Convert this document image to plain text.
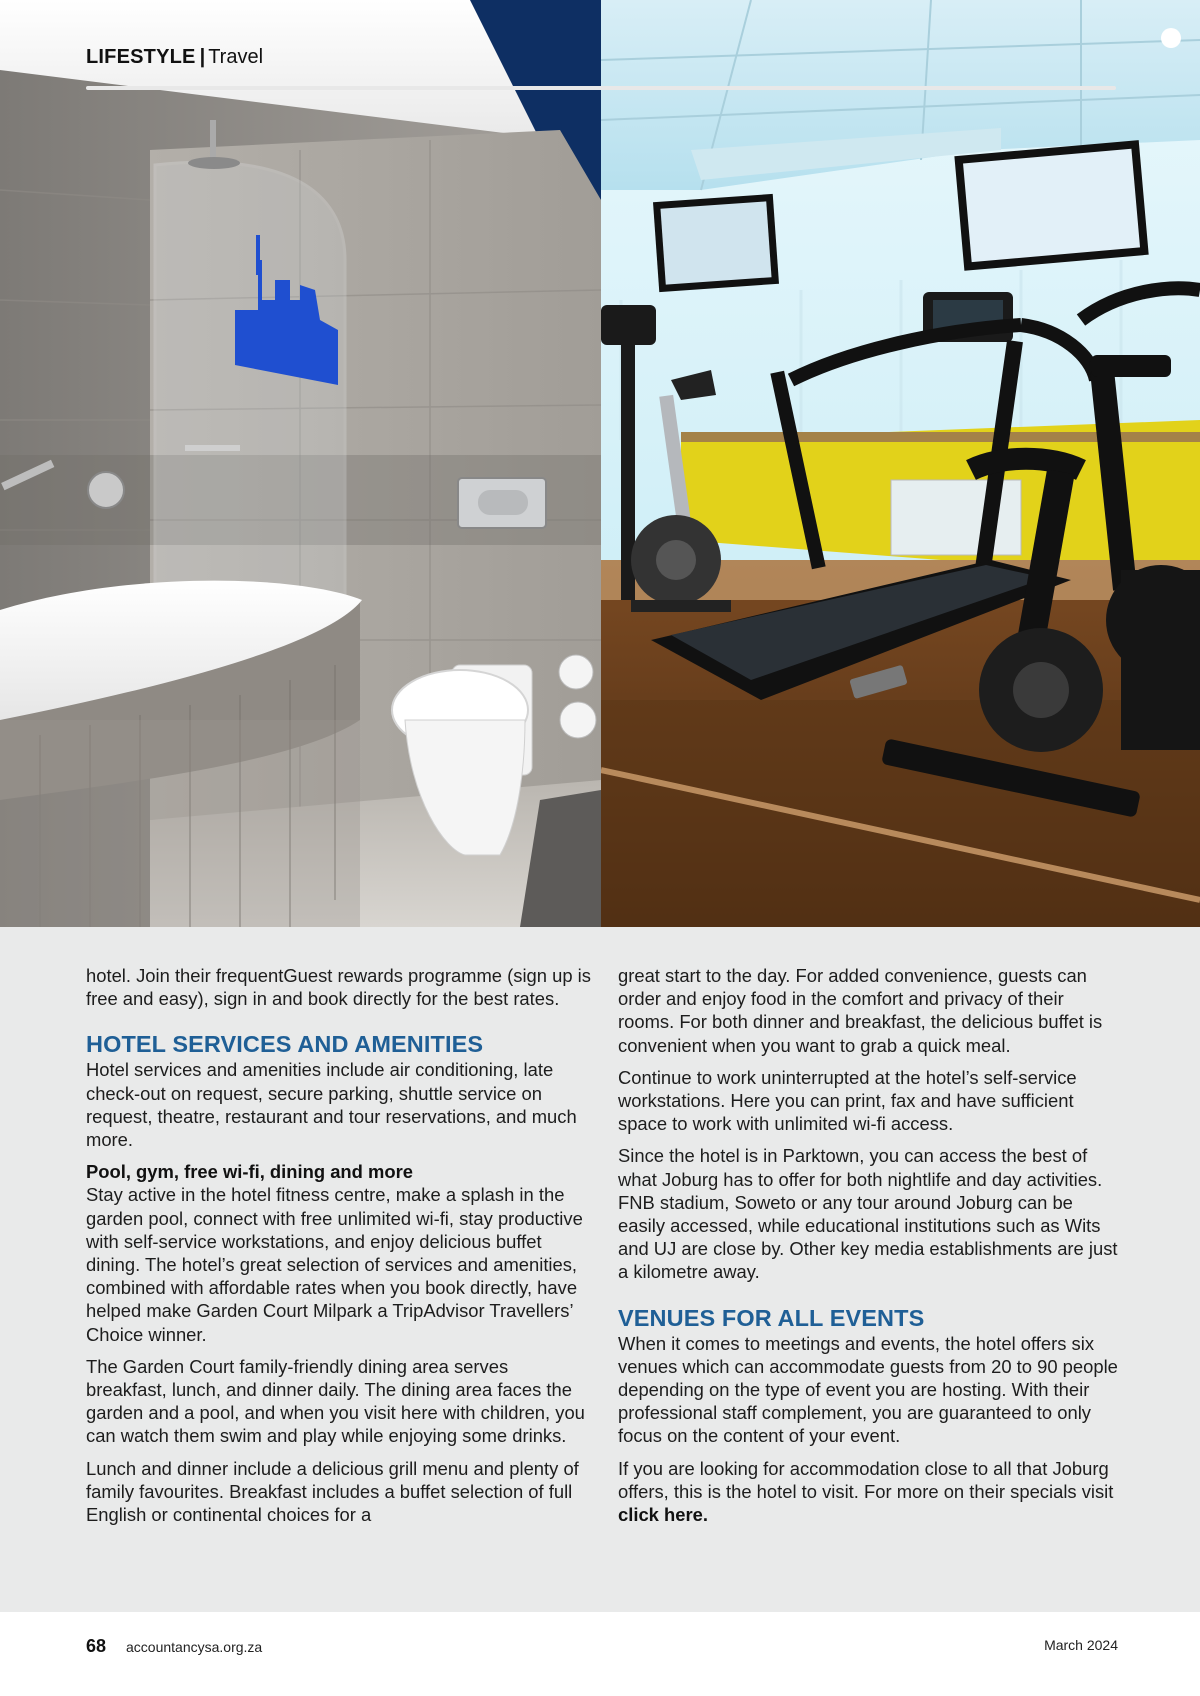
LIFESTYLE | Travel

hotel. Join their frequentGuest rewards programme (sign up is free and easy), sign in and book directly for the best rates.

HOTEL SERVICES AND AMENITIES

Hotel services and amenities include air conditioning, late check-out on request, secure parking, shuttle service on request, theatre, restaurant and tour reservations, and much more.

Pool, gym, free wi-fi, dining and more

Stay active in the hotel fitness centre, make a splash in the garden pool, connect with free unlimited wi-fi, stay productive with self-service workstations, and enjoy delicious buffet dining. The hotel’s great selection of services and amenities, combined with affordable rates when you book directly, have helped make Garden Court Milpark a TripAdvisor Travellers’ Choice winner.

The Garden Court family-friendly dining area serves breakfast, lunch, and dinner daily. The dining area faces the garden and a pool, and when you visit here with children, you can watch them swim and play while enjoying some drinks.

Lunch and dinner include a delicious grill menu and plenty of family favourites. Breakfast includes a buffet selection of full English or continental choices for a

great start to the day. For added convenience, guests can order and enjoy food in the comfort and privacy of their rooms. For both dinner and breakfast, the delicious buffet is convenient when you want to grab a quick meal.

Continue to work uninterrupted at the hotel’s self-service workstations. Here you can print, fax and have sufficient space to work with unlimited wi-fi access.

Since the hotel is in Parktown, you can access the best of what Joburg has to offer for both nightlife and day activities. FNB stadium, Soweto or any tour around Joburg can be easily accessed, while educational institutions such as Wits and UJ are close by. Other key media establishments are just a kilometre away.

VENUES FOR ALL EVENTS

When it comes to meetings and events, the hotel offers six venues which can accommodate guests from 20 to 90 people depending on the type of event you are hosting. With their professional staff complement, you are guaranteed to only focus on the content of your event.

If you are looking for accommodation close to all that Joburg offers, this is the hotel to visit. For more on their specials visit click here.

68 accountancysa.org.za	March 2024
